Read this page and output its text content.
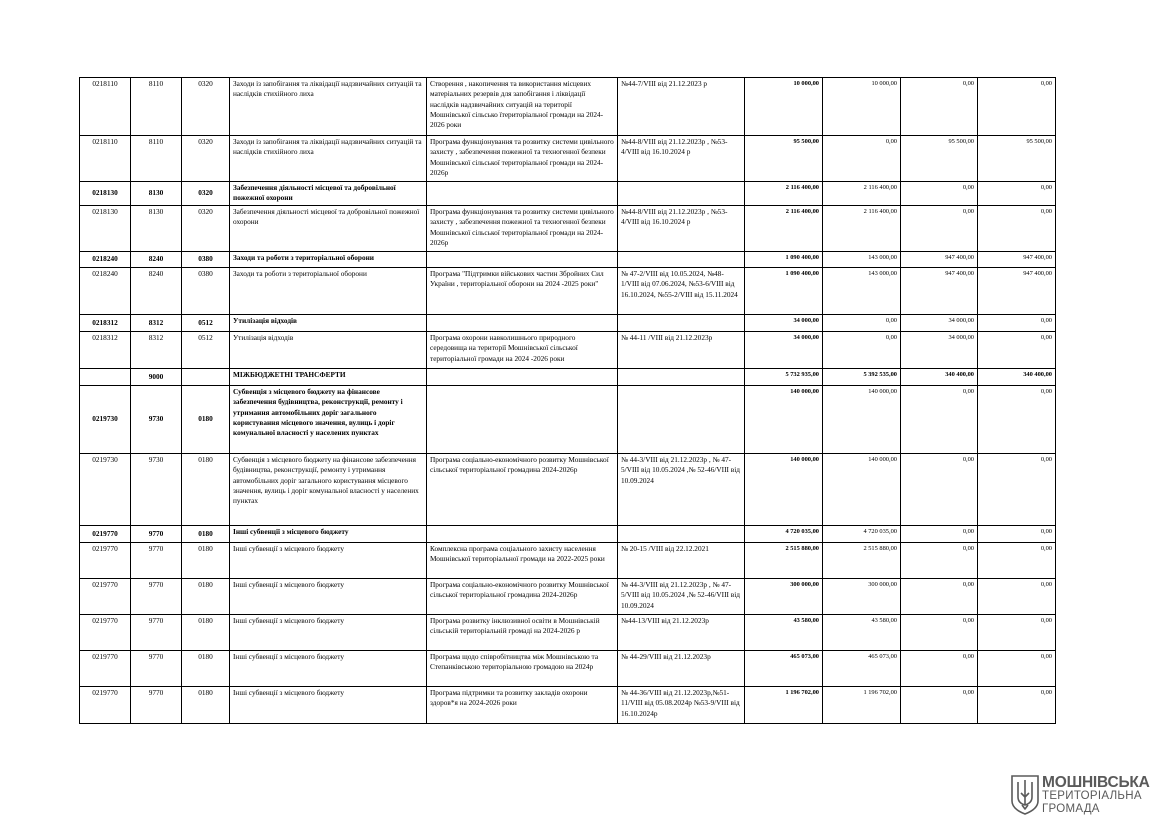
0218110	8110	0320	Заходи із запобігання та ліквідації надзвичайних ситуацій та наслідків стихійного лиха	Створення , накопичення та використання місцевих матеріальних резервів для запобігання і ліквідації наслідків надзвичайних ситуацій на території Мошнівської сільсько їтериторіальної громади на 2024-2026 роки	№44-7/VIII від 21.12.2023 р	10 000,00	10 000,00	0,00	0,00
0218110	8110	0320	Заходи із запобігання та ліквідації надзвичайних ситуацій та наслідків стихійного лиха	Програма функціонування та розвитку системи цивільного захисту , забезпечення пожежної та техногенної безпеки Мошнівської сільської територіальної громади на 2024-2026р	№44-8/VIII від 21.12.2023р , №53-4/VIII від 16.10.2024 р	95 500,00	0,00	95 500,00	95 500,00
0218130	8130	0320	Забезпечення діяльності місцевої та добровільної пожежної охорони			2 116 400,00	2 116 400,00	0,00	0,00
0218130	8130	0320	Забезпечення діяльності місцевої та добровільної пожежної охорони	Програма функціонування та розвитку системи цивільного захисту , забезпечення пожежної та техногенної безпеки Мошнівської сільської територіальної громади на 2024-2026р	№44-8/VIII від 21.12.2023р , №53-4/VIII від 16.10.2024 р	2 116 400,00	2 116 400,00	0,00	0,00
0218240	8240	0380	Заходи та роботи з територіальної оборони			1 090 400,00	143 000,00	947 400,00	947 400,00
0218240	8240	0380	Заходи та роботи з територіальної оборони	Програма "Підтримки військових частин Збройних Сил України , територіальної оборони на 2024 -2025 роки"	№ 47-2/VIII від 10.05.2024, №48-1/VIII від 07.06.2024, №53-6/VIII від 16.10.2024, №55-2/VIII від 15.11.2024	1 090 400,00	143 000,00	947 400,00	947 400,00
0218312	8312	0512	Утилізація відходів			34 000,00	0,00	34 000,00	0,00
0218312	8312	0512	Утилізація відходів	Програма охорони навколишнього природного середовища на території Мошнівської сільської територіальної громади на 2024 -2026 роки	№ 44-11 /VIII від 21.12.2023р	34 000,00	0,00	34 000,00	0,00
	9000		МІЖБЮДЖЕТНІ ТРАНСФЕРТИ			5 732 935,00	5 392 535,00	340 400,00	340 400,00
0219730	9730	0180	Субвенція з місцевого бюджету на фінансове забезпечення будівництва, реконструкції, ремонту і утримання автомобільних доріг загального користування місцевого значення, вулиць і доріг комунальної власності у населених пунктах			140 000,00	140 000,00	0,00	0,00
0219730	9730	0180	Субвенція з місцевого бюджету на фінансове забезпечення будівництва, реконструкції, ремонту і утримання автомобільних доріг загального користування місцевого значення, вулиць і доріг комунальної власності у населених пунктах	Програма соціально-економічного розвитку Мошнівської сільської територіальної громадина 2024-2026р	№ 44-3/VIII від 21.12.2023р , № 47-5/VIII від 10.05.2024 ,№ 52-46/VIII від 10.09.2024	140 000,00	140 000,00	0,00	0,00
0219770	9770	0180	Інші субвенції з місцевого бюджету			4 720 035,00	4 720 035,00	0,00	0,00
0219770	9770	0180	Інші субвенції з місцевого бюджету	Комплексна програма соціального захисту населення Мошнівської територіальної громади на 2022-2025 роки	№ 20-15 /VIII від 22.12.2021	2 515 880,00	2 515 880,00	0,00	0,00
0219770	9770	0180	Інші субвенції з місцевого бюджету	Програма соціально-економічного розвитку Мошнівської сільської територіальної громадина 2024-2026р	№ 44-3/VIII від 21.12.2023р , № 47-5/VIII від 10.05.2024 ,№ 52-46/VIII від 10.09.2024	300 000,00	300 000,00	0,00	0,00
0219770	9770	0180	Інші субвенції з місцевого бюджету	Програма розвитку інклюзивної освіти в Мошнівській сільській територіальній громаді на 2024-2026 р	№44-13/VIII від 21.12.2023р	43 580,00	43 580,00	0,00	0,00
0219770	9770	0180	Інші субвенції з місцевого бюджету	Програма щодо співробітництва між Мошнівською та Степанківською територіальною громадою на 2024р	№ 44-29/VIII від 21.12.2023р	465 073,00	465 073,00	0,00	0,00
0219770	9770	0180	Інші субвенції з місцевого бюджету	Програма підтримки та розвитку закладів охорони здоров*я на 2024-2026 роки	№ 44-36/VIII від 21.12.2023р,№51-11/VIII від 05.08.2024р №53-9/VIII від 16.10.2024р	1 196 702,00	1 196 702,00	0,00	0,00
МОШНІВСЬКА
ТЕРИТОРІАЛЬНА
ГРОМАДА
